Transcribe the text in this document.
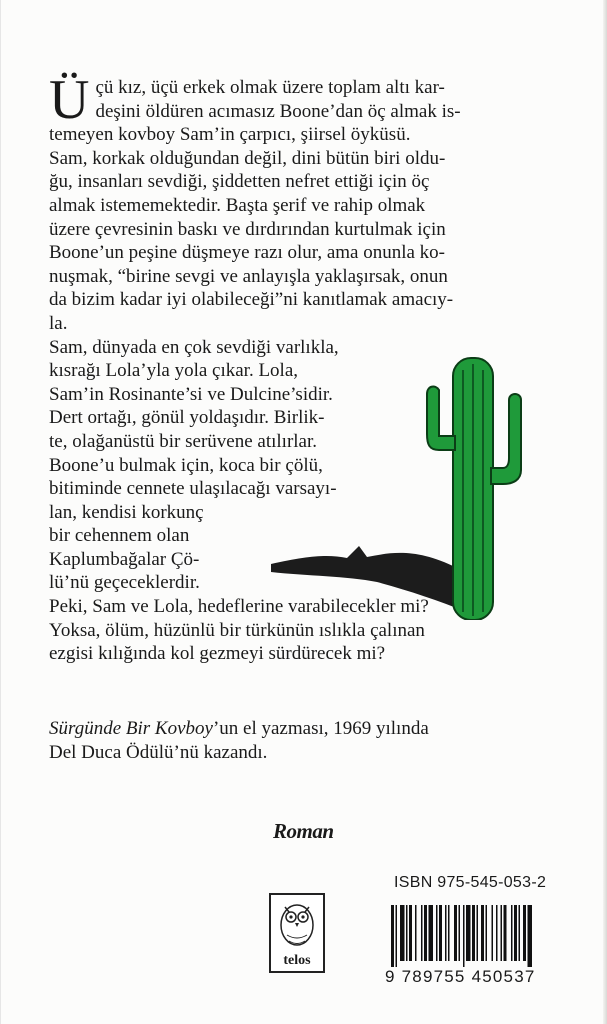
Ü çü kız, üçü erkek olmak üzere toplam altı kar-
deşini öldüren acımasız Boone’dan öç almak is-
temeyen kovboy Sam’in çarpıcı, şiirsel öyküsü.
Sam, korkak olduğundan değil, dini bütün biri oldu-
ğu, insanları sevdiği, şiddetten nefret ettiği için öç
almak istememektedir. Başta şerif ve rahip olmak
üzere çevresinin baskı ve dırdırından kurtulmak için
Boone’un peşine düşmeye razı olur, ama onunla ko-
nuşmak, “birine sevgi ve anlayışla yaklaşırsak, onun
da bizim kadar iyi olabileceği”ni kanıtlamak amacıy-
la.
Sam, dünyada en çok sevdiği varlıkla,
kısrağı Lola’yla yola çıkar. Lola,
Sam’in Rosinante’si ve Dulcine’sidir.
Dert ortağı, gönül yoldaşıdır. Birlik-
te, olağanüstü bir serüvene atılırlar.
Boone’u bulmak için, koca bir çölü,
bitiminde cennete ulaşılacağı varsayı-
lan, kendisi korkunç
bir cehennem olan
Kaplumbağalar Çö-
lü’nü geçeceklerdir.
Peki, Sam ve Lola, hedeflerine varabilecekler mi?
Yoksa, ölüm, hüzünlü bir türkünün ıslıkla çalınan
ezgisi kılığında kol gezmeyi sürdürecek mi?
Sürgünde Bir Kovboy’un el yazması, 1969 yılında
Del Duca Ödülü’nü kazandı.
Roman
ISBN 975-545-053-2
telos
9 789755 450537
